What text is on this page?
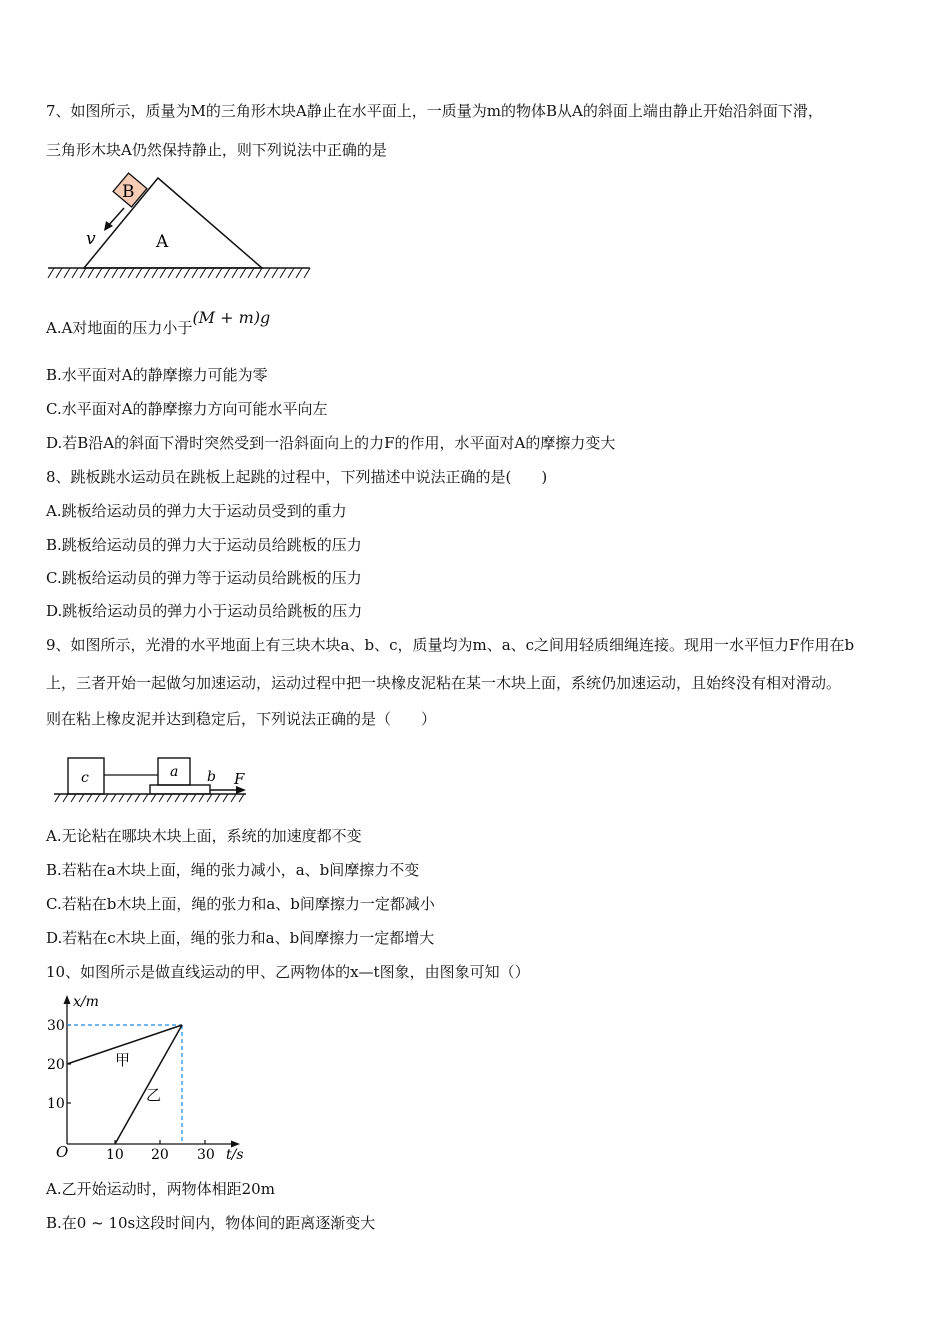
7、如图所示，质量为M的三角形木块A静止在水平面上，一质量为m的物体B从A的斜面上端由静止开始沿斜面下滑，
三角形木块A仍然保持静止，则下列说法中正确的是
B
v	A
A.A对地面的压力小于(M + m)g
B.水平面对A的静摩擦力可能为零
C.水平面对A的静摩擦力方向可能水平向左
D.若B沿A的斜面下滑时突然受到一沿斜面向上的力F的作用，水平面对A的摩擦力变大
8、跳板跳水运动员在跳板上起跳的过程中，下列描述中说法正确的是(　　)
A.跳板给运动员的弹力大于运动员受到的重力
B.跳板给运动员的弹力大于运动员给跳板的压力
C.跳板给运动员的弹力等于运动员给跳板的压力
D.跳板给运动员的弹力小于运动员给跳板的压力
9、如图所示，光滑的水平地面上有三块木块a、b、c，质量均为m、a、c之间用轻质细绳连接。现用一水平恒力F作用在b
上，三者开始一起做匀加速运动，运动过程中把一块橡皮泥粘在某一木块上面，系统仍加速运动，且始终没有相对滑动。
则在粘上橡皮泥并达到稳定后，下列说法正确的是（　　）
c	a b F
A.无论粘在哪块木块上面，系统的加速度都不变
B.若粘在a木块上面，绳的张力减小，a、b间摩擦力不变
C.若粘在b木块上面，绳的张力和a、b间摩擦力一定都减小
D.若粘在c木块上面，绳的张力和a、b间摩擦力一定都增大
10、如图所示是做直线运动的甲、乙两物体的x—t图象，由图象可知（）
x/m
t/s
O
10
20
30
10 20 30
甲
乙
A.乙开始运动时，两物体相距20m
B.在0 ~ 10s这段时间内，物体间的距离逐渐变大
